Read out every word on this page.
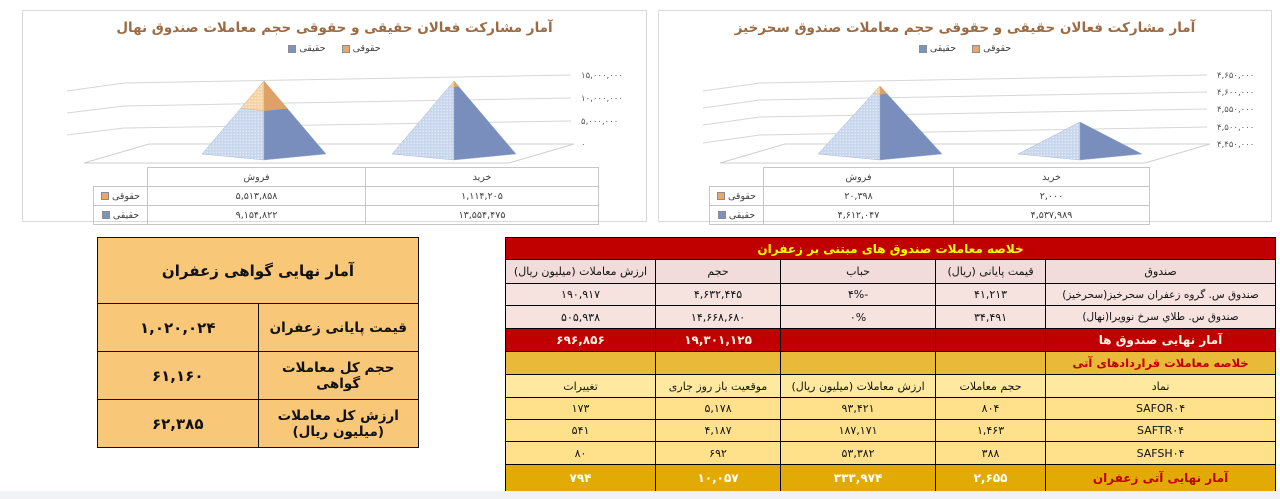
آمار مشارکت فعالان حقیقی و حقوقی حجم معاملات صندوق نهال
حقوقی
حقیقی
۱۵,۰۰۰,۰۰۰
۱۰,۰۰۰,۰۰۰
۵,۰۰۰,۰۰۰
۰
	فروش	خرید

حقوقی	۵,۵۱۳,۸۵۸	۱,۱۱۴,۲۰۵

حقیقی	۹,۱۵۴,۸۲۲	۱۳,۵۵۴,۴۷۵
آمار مشارکت فعالان حقیقی و حقوقی حجم معاملات صندوق سحرخیز
حقوقی
حقیقی
۴,۶۵۰,۰۰۰
۴,۶۰۰,۰۰۰
۴,۵۵۰,۰۰۰
۴,۵۰۰,۰۰۰
۴,۴۵۰,۰۰۰
	فروش	خرید

حقوقی	۲۰,۳۹۸	۲,۰۰۰

حقیقی	۴,۶۱۲,۰۴۷	۴,۵۳۷,۹۸۹
آمار نهایی گواهی زعفران	
قیمت پایانی زعفران	۱,۰۲۰,۰۲۴
حجم کل معاملات گواهی	۶۱,۱۶۰
ارزش کل معاملات (میلیون ریال)	۶۲,۳۸۵
خلاصه معاملات صندوق های مبتنی بر زعفران				
صندوق	قیمت پایانی (ریال)	حباب	حجم	ارزش معاملات (میلیون ریال)
صندوق س. گروه زعفران سحرخیز(سحرخیز)	۴۱,۲۱۳	-۴%	۴,۶۳۲,۴۴۵	۱۹۰,۹۱۷
صندوق س. طلاي سرخ نوويرا(نهال)	۳۴,۴۹۱	۰%	۱۴,۶۶۸,۶۸۰	۵۰۵,۹۳۸
آمار نهایی صندوق ها			۱۹,۳۰۱,۱۲۵	۶۹۶,۸۵۶
خلاصه معاملات قراردادهای آتی				
نماد	حجم معاملات	ارزش معاملات (میلیون ریال)	موقعیت باز روز جاری	تغییرات
SAFOR۰۴	۸۰۴	۹۳,۴۲۱	۵,۱۷۸	۱۷۳
SAFTR۰۴	۱,۴۶۳	۱۸۷,۱۷۱	۴,۱۸۷	۵۴۱
SAFSH۰۴	۳۸۸	۵۳,۳۸۲	۶۹۲	۸۰
آمار نهایی آتی زعفران	۲,۶۵۵	۳۳۳,۹۷۴	۱۰,۰۵۷	۷۹۴
